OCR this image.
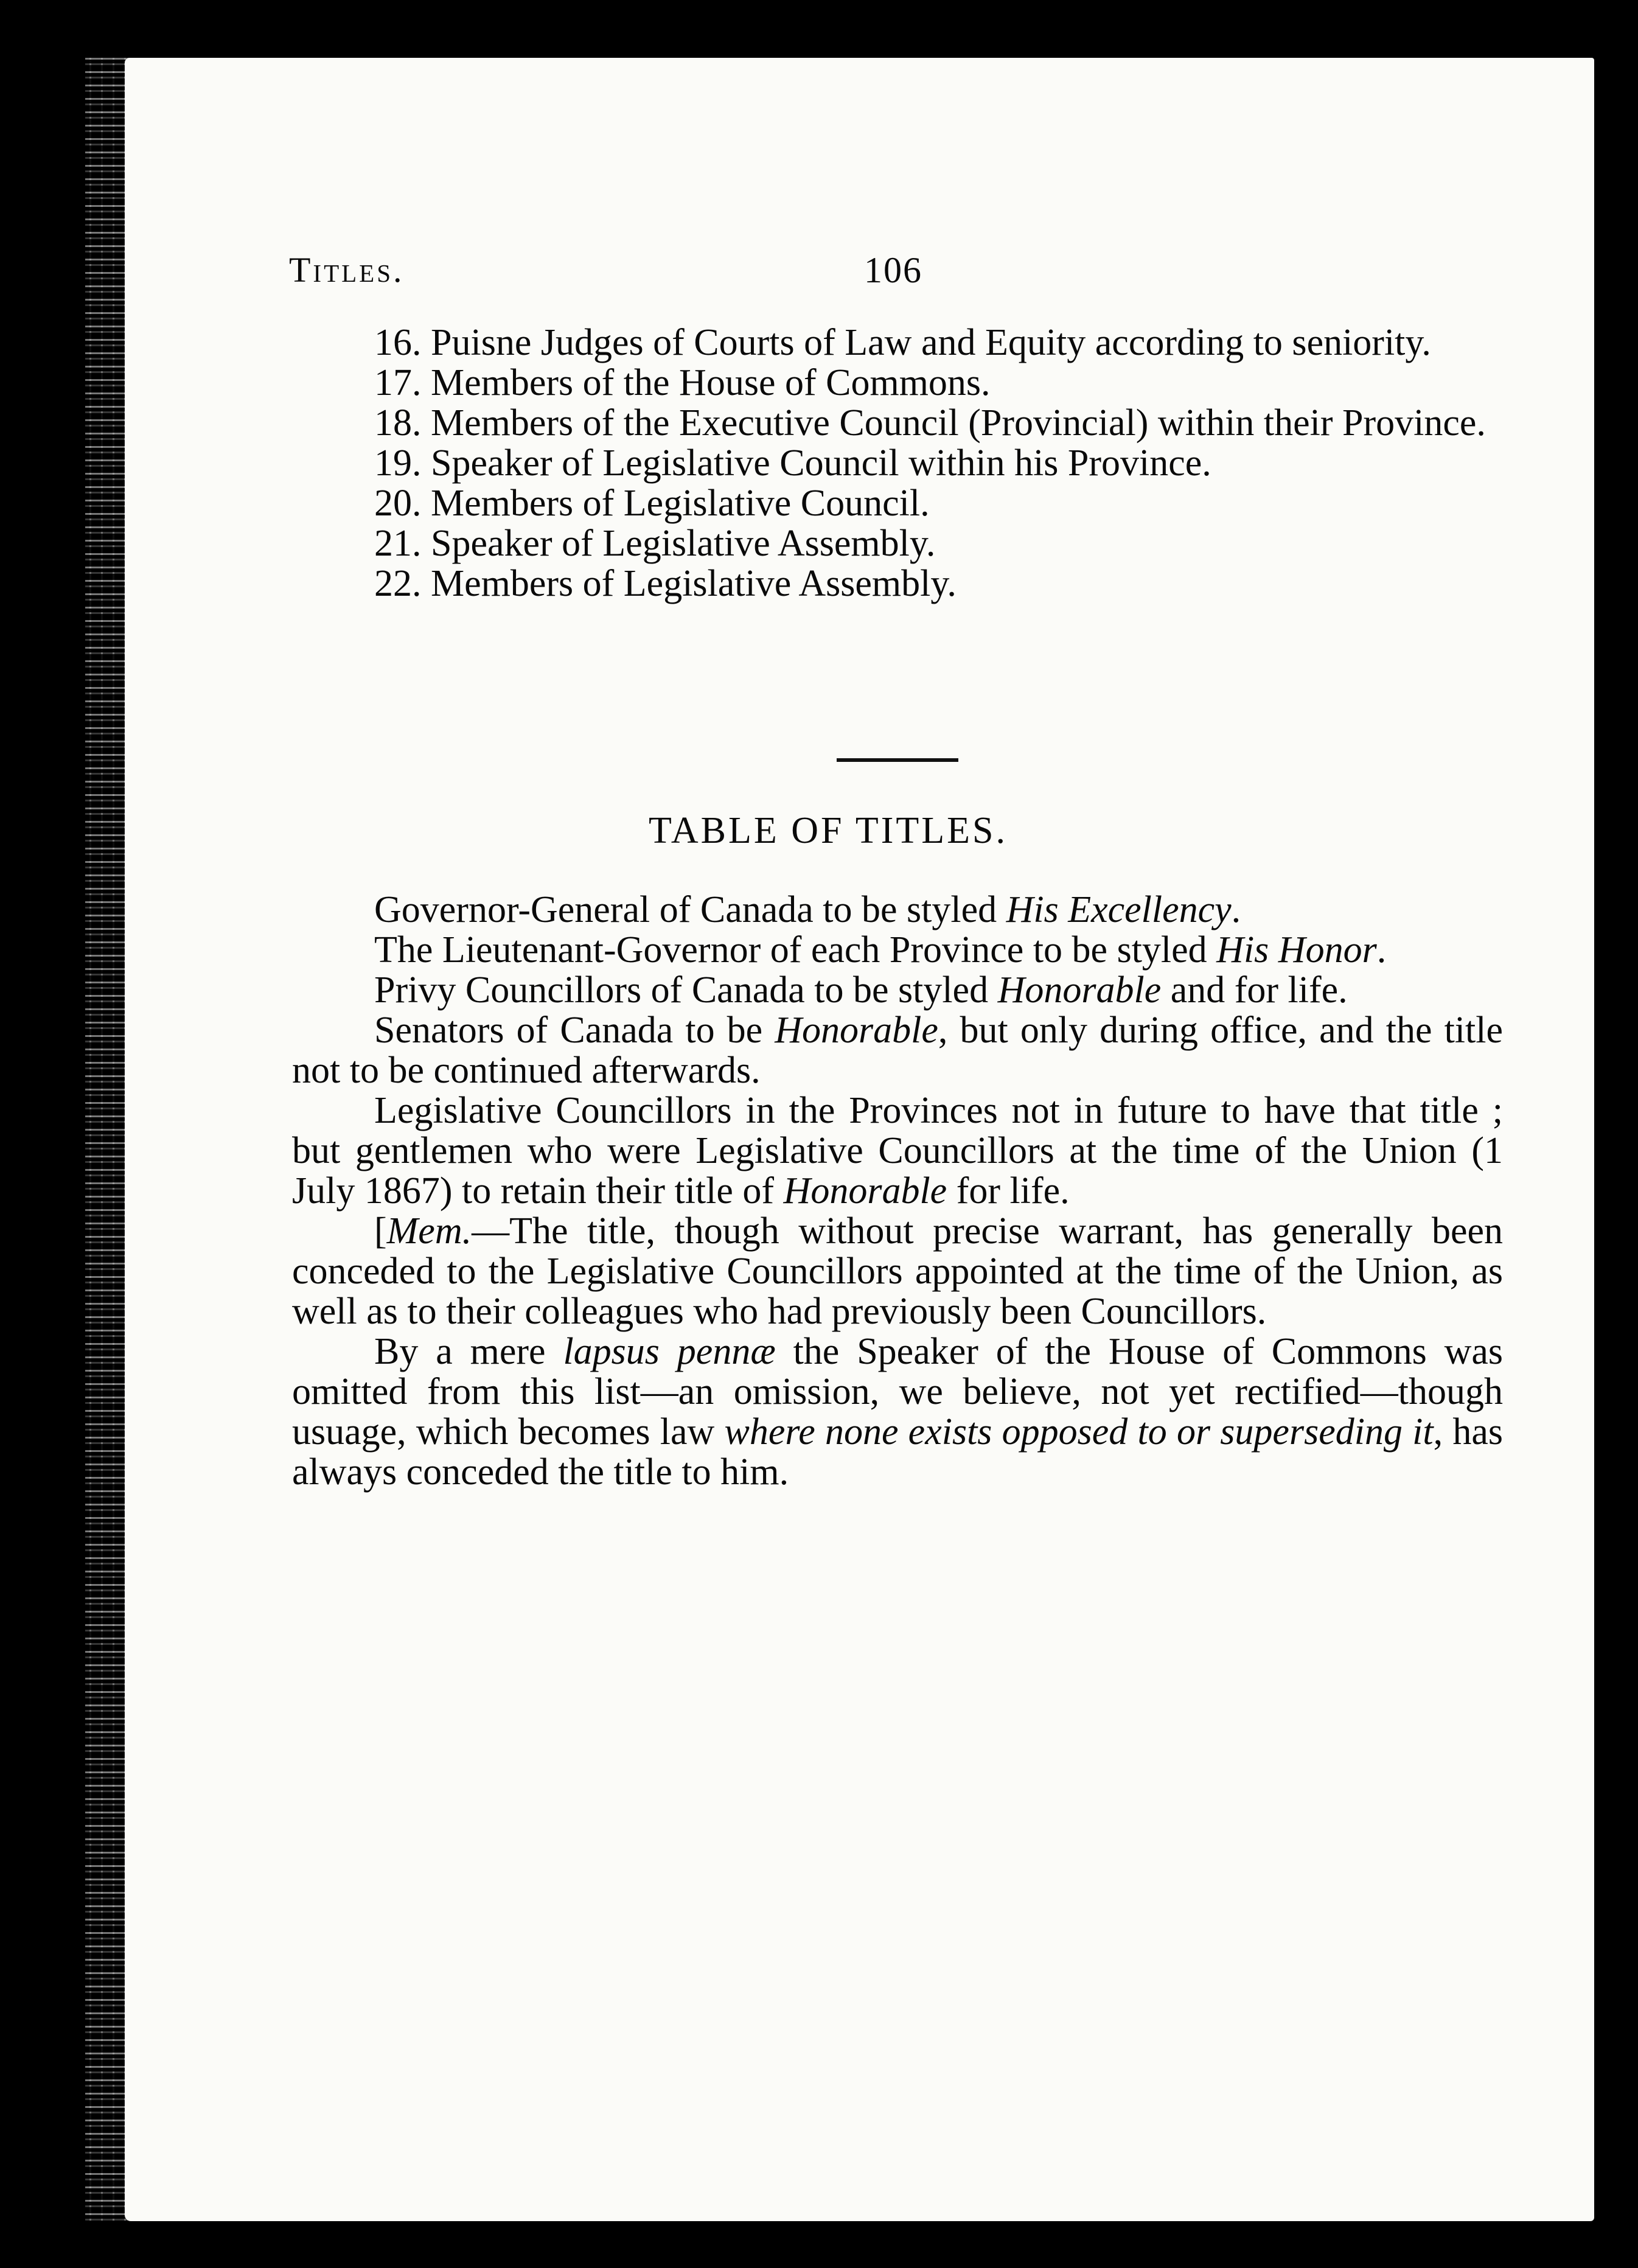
Titles.	106

16. Puisne Judges of Courts of Law and Equity according to seniority.

17. Members of the House of Commons.

18. Members of the Executive Council (Provincial) within their Province.

19. Speaker of Legislative Council within his Province.

20. Members of Legislative Council.

21. Speaker of Legislative Assembly.

22. Members of Legislative Assembly.

TABLE OF TITLES.

Governor-General of Canada to be styled His Excellency.

The Lieutenant-Governor of each Province to be styled His Honor.

Privy Councillors of Canada to be styled Honorable and for life.

Senators of Canada to be Honorable, but only during office, and the title not to be continued afterwards.

Legislative Councillors in the Provinces not in future to have that title ; but gentlemen who were Legislative Councillors at the time of the Union (1 July 1867) to retain their title of Honorable for life.

[Mem.—The title, though without precise warrant, has generally been conceded to the Legislative Councillors appointed at the time of the Union, as well as to their colleagues who had previously been Councillors.

By a mere lapsus pennæ the Speaker of the House of Commons was omitted from this list—an omission, we believe, not yet rectified—though usuage, which becomes law where none exists opposed to or superseding it, has always conceded the title to him.
